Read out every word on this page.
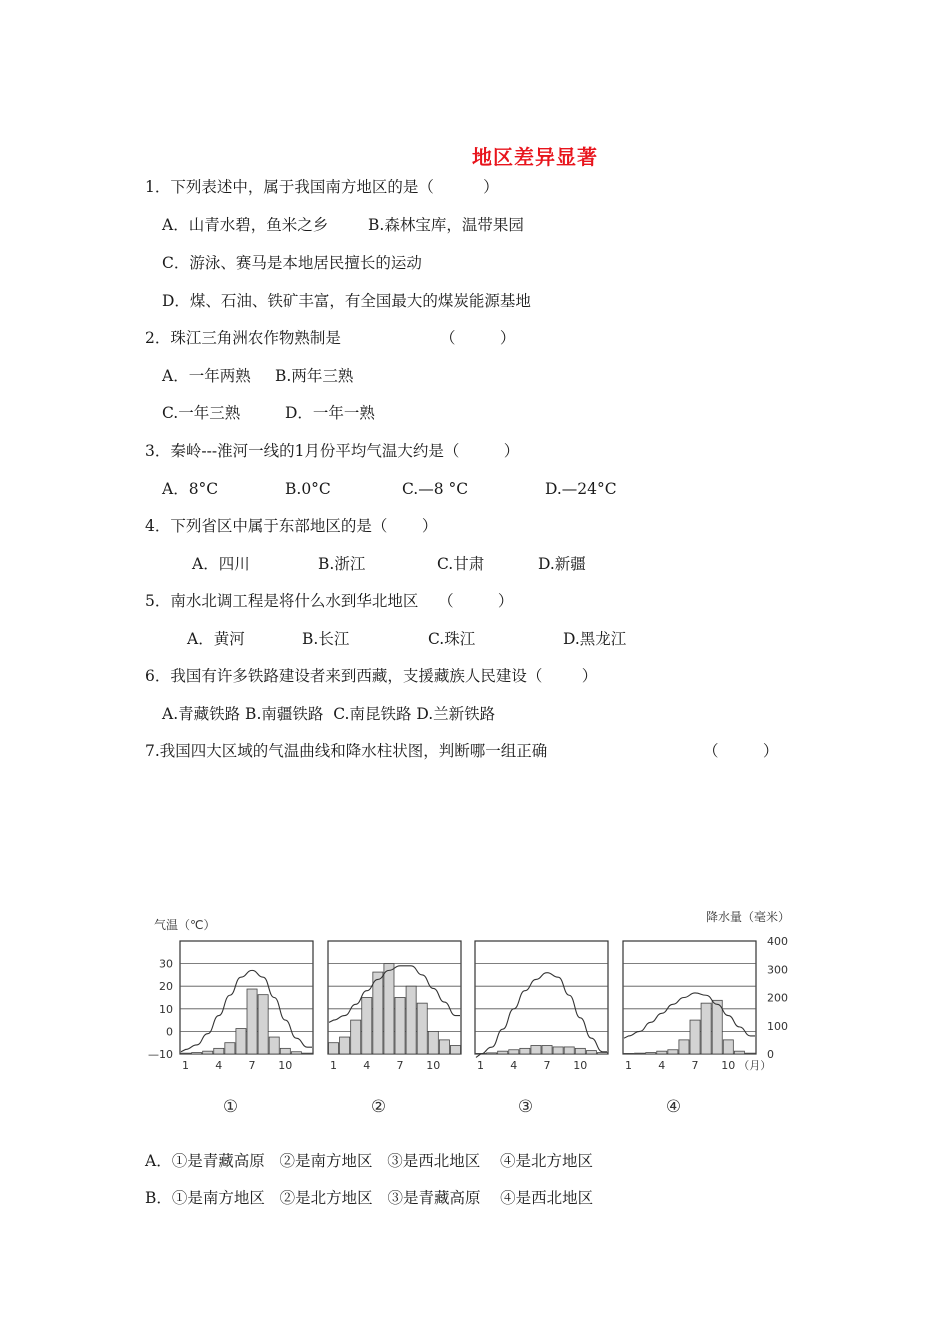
地区差异显著
1．下列表述中，属于我国南方地区的是（          ）
A．山青水碧，鱼米之乡	B.森林宝库，温带果园
C．游泳、赛马是本地居民擅长的运动
D．煤、石油、铁矿丰富，有全国最大的煤炭能源基地
2．珠江三角洲农作物熟制是	（         ）
A．一年两熟 B.两年三熟
C.一年三熟	D．一年一熟
3．秦岭---淮河一线的1月份平均气温大约是（         ）
A．8°C	B.0°C	C.—8 °C	D.—24°C
4．下列省区中属于东部地区的是（       ）
A．四川	B.浙江	C.甘肃	D.新疆
5．南水北调工程是将什么水到华北地区    （         ）
A．黄河	B.长江	C.珠江	D.黑龙江
6．我国有许多铁路建设者来到西藏，支援藏族人民建设（        ）
A.青藏铁路 B.南疆铁路  C.南昆铁路 D.兰新铁路
7.我国四大区域的气温曲线和降水柱状图，判断哪一组正确	（         ）
气温（℃）
降水量（毫米）
30
20
10
0
—10
400
300
200
100
0
1 4 7 10
①
1 4 7 10
②
1 4 7 10
③
1 4 7 10
④
（月）
A．①是青藏高原   ②是南方地区   ③是西北地区    ④是北方地区
B．①是南方地区   ②是北方地区   ③是青藏高原    ④是西北地区
